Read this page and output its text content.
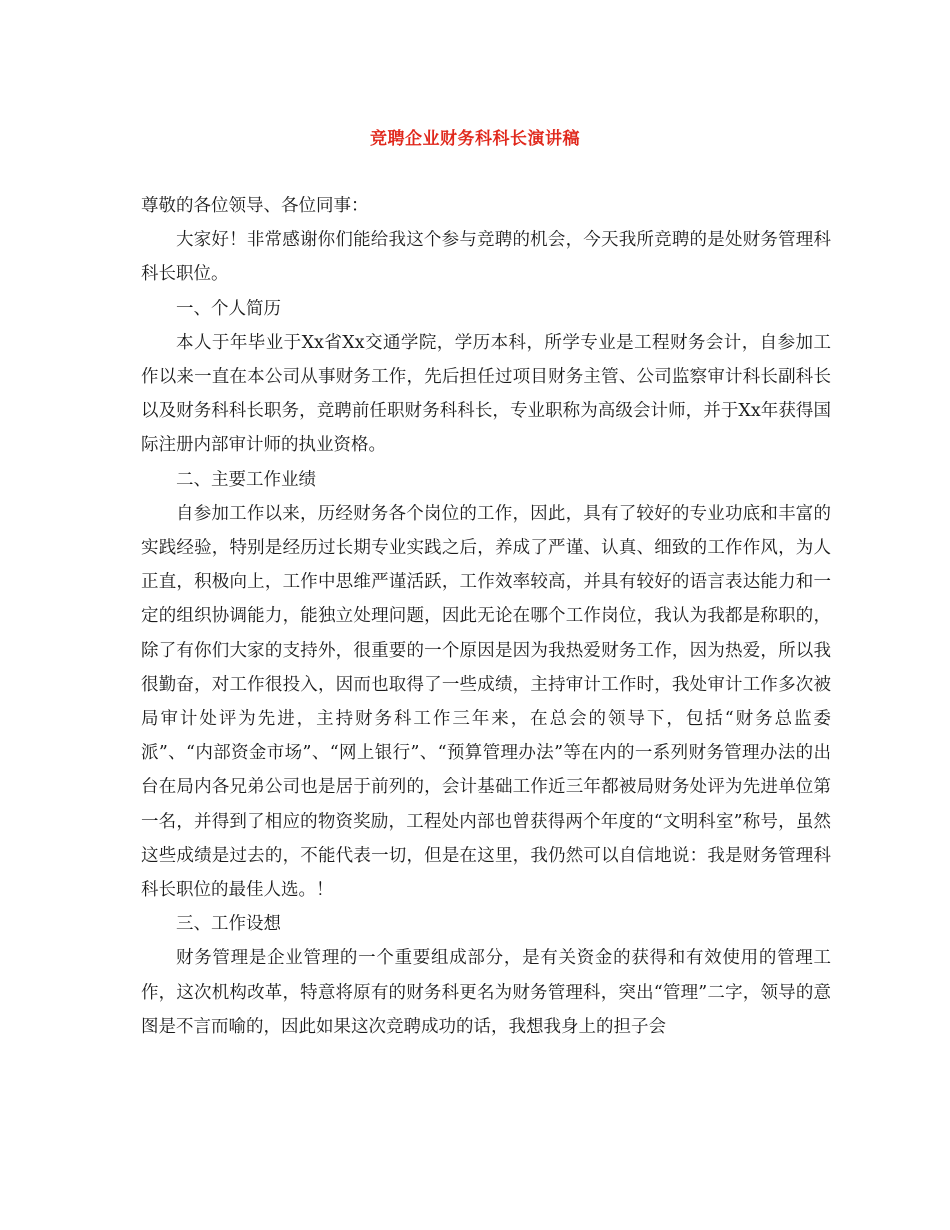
竞聘企业财务科科长演讲稿

尊敬的各位领导、各位同事：

大家好！非常感谢你们能给我这个参与竞聘的机会，今天我所竞聘的是处财务管理科科长职位。

一、个人简历

本人于年毕业于Xx省Xx交通学院，学历本科，所学专业是工程财务会计，自参加工作以来一直在本公司从事财务工作，先后担任过项目财务主管、公司监察审计科长副科长以及财务科科长职务，竞聘前任职财务科科长，专业职称为高级会计师，并于Xx年获得国际注册内部审计师的执业资格。

二、主要工作业绩

自参加工作以来，历经财务各个岗位的工作，因此，具有了较好的专业功底和丰富的实践经验，特别是经历过长期专业实践之后，养成了严谨、认真、细致的工作作风，为人正直，积极向上，工作中思维严谨活跃，工作效率较高，并具有较好的语言表达能力和一定的组织协调能力，能独立处理问题，因此无论在哪个工作岗位，我认为我都是称职的，除了有你们大家的支持外，很重要的一个原因是因为我热爱财务工作，因为热爱，所以我很勤奋，对工作很投入，因而也取得了一些成绩，主持审计工作时，我处审计工作多次被局审计处评为先进，主持财务科工作三年来，在总会的领导下，包括“财务总监委派”、“内部资金市场”、“网上银行”、“预算管理办法”等在内的一系列财务管理办法的出台在局内各兄弟公司也是居于前列的，会计基础工作近三年都被局财务处评为先进单位第一名，并得到了相应的物资奖励，工程处内部也曾获得两个年度的“文明科室”称号，虽然这些成绩是过去的，不能代表一切，但是在这里，我仍然可以自信地说：我是财务管理科科长职位的最佳人选。！

三、工作设想

财务管理是企业管理的一个重要组成部分，是有关资金的获得和有效使用的管理工作，这次机构改革，特意将原有的财务科更名为财务管理科，突出“管理”二字，领导的意图是不言而喻的，因此如果这次竞聘成功的话，我想我身上的担子会
